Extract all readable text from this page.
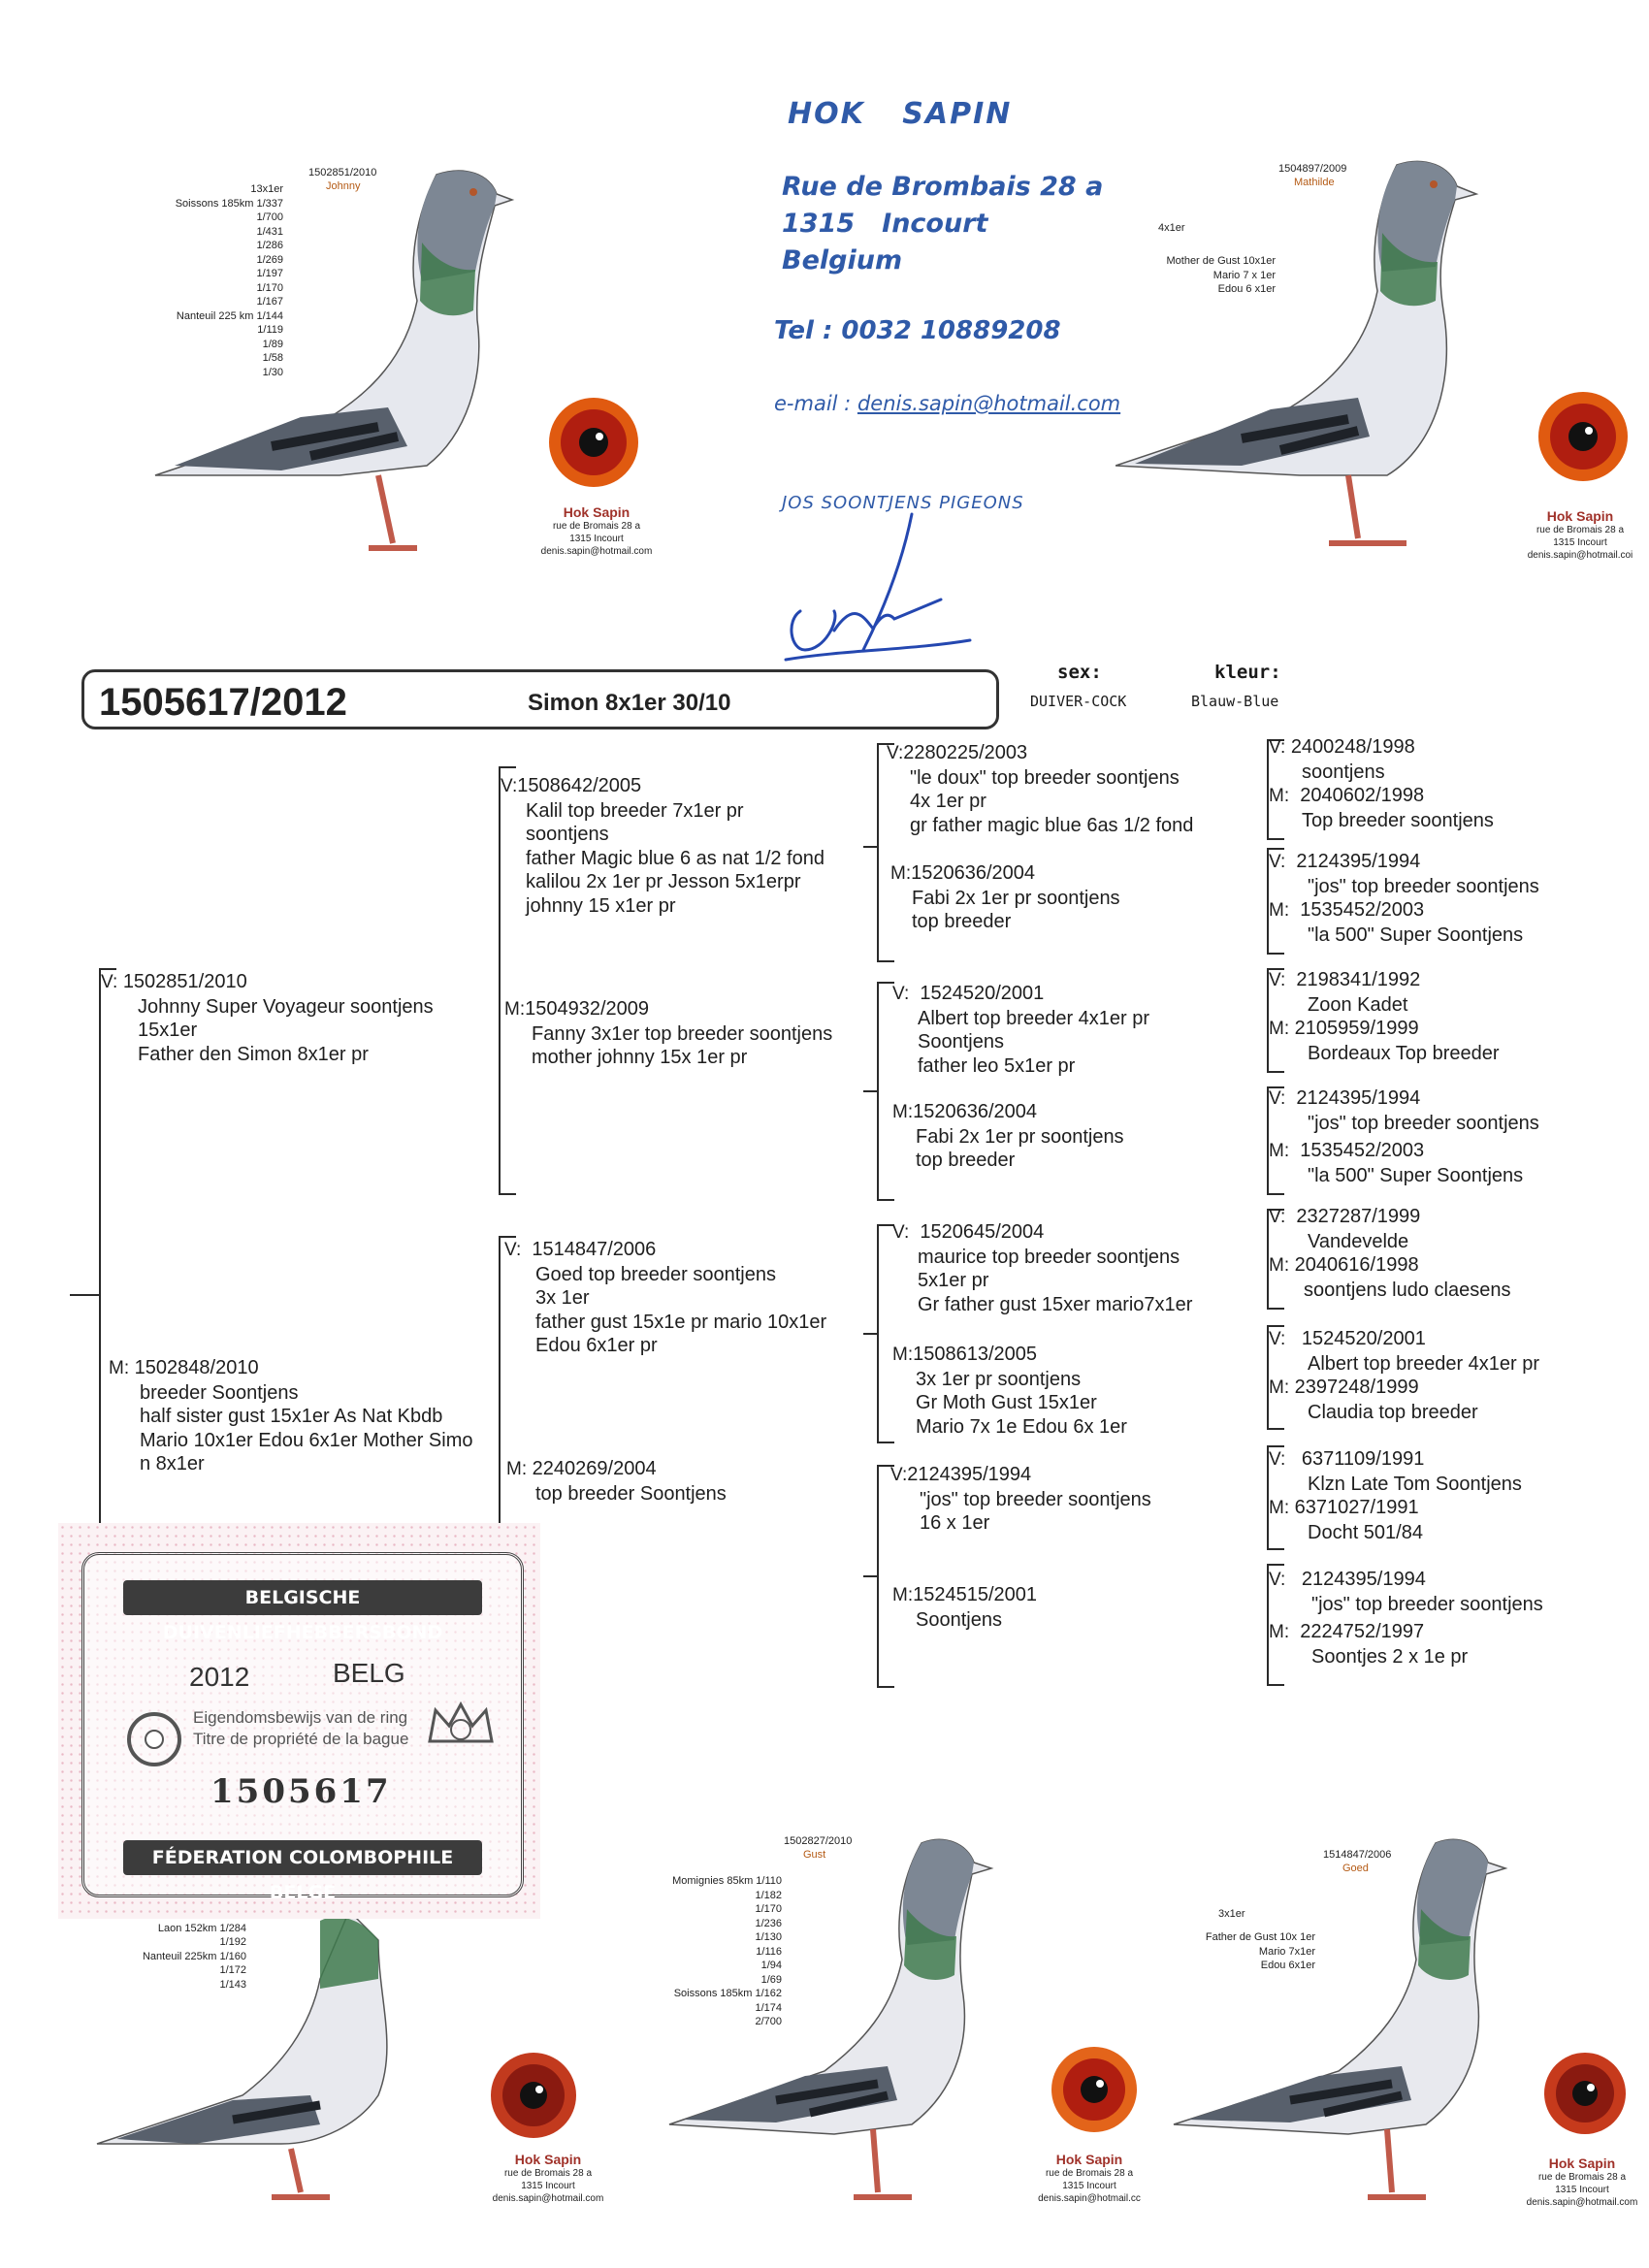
HOK SAPIN
Rue de Brombais 28 a
1315 Incourt
Belgium
Tel : 0032 10889208
e-mail : denis.sapin@hotmail.com
JOS SOONTJENS PIGEONS
1502851/2010
Johnny
13x1er
Soissons 185km 1/337
1/700
1/431
1/286
1/269
1/197
1/170
1/167
Nanteuil 225 km 1/144
1/119
1/89
1/58
1/30
Hok Sapin
rue de Bromais 28 a
1315 Incourt
denis.sapin@hotmail.com
1504897/2009
Mathilde
4x1er
Mother de Gust 10x1er
Mario 7 x 1er
Edou 6 x1er
Hok Sapin
rue de Bromais 28 a
1315 Incourt
denis.sapin@hotmail.coi
1505617/2012	Simon 8x1er 30/10
sex:	kleur:
DUIVER-COCK	Blauw-Blue
V: 1502851/2010
Johnny Super Voyageur soontjens
15x1er
Father den Simon 8x1er pr
M: 1502848/2010
breeder Soontjens
half sister gust 15x1er As Nat Kbdb
Mario 10x1er Edou 6x1er Mother Simo
n 8x1er
V:1508642/2005
Kalil top breeder 7x1er pr
soontjens
father Magic blue 6 as nat 1/2 fond
kalilou 2x 1er pr Jesson 5x1erpr
johnny 15 x1er pr
M:1504932/2009
Fanny 3x1er top breeder soontjens
mother johnny 15x 1er pr
V: 1514847/2006
Goed top breeder soontjens
3x 1er
father gust 15x1e pr mario 10x1er
Edou 6x1er pr
M: 2240269/2004
top breeder Soontjens
V:2280225/2003
"le doux" top breeder soontjens
4x 1er pr
gr father magic blue 6as 1/2 fond
M:1520636/2004
Fabi 2x 1er pr soontjens
top breeder
V: 1524520/2001
Albert top breeder 4x1er pr
Soontjens
father leo 5x1er pr
M:1520636/2004
Fabi 2x 1er pr soontjens
top breeder
V: 1520645/2004
maurice top breeder soontjens
5x1er pr
Gr father gust 15xer mario7x1er
M:1508613/2005
3x 1er pr soontjens
Gr Moth Gust 15x1er
Mario 7x 1e Edou 6x 1er
V:2124395/1994
"jos" top breeder soontjens
16 x 1er
M:1524515/2001
Soontjens
V: 2400248/1998
soontjens
M: 2040602/1998
Top breeder soontjens
V: 2124395/1994
"jos" top breeder soontjens
M: 1535452/2003
"la 500" Super Soontjens
V: 2198341/1992
Zoon Kadet
M: 2105959/1999
Bordeaux Top breeder
V: 2124395/1994
"jos" top breeder soontjens
M: 1535452/2003
"la 500" Super Soontjens
V: 2327287/1999
Vandevelde
M: 2040616/1998
soontjens ludo claesens
V: 1524520/2001
Albert top breeder 4x1er pr
M: 2397248/1999
Claudia top breeder
V: 6371109/1991
Klzn Late Tom Soontjens
M: 6371027/1991
Docht 501/84
V: 2124395/1994
"jos" top breeder soontjens
M: 2224752/1997
Soontjes 2 x 1e pr
Laon 152km 1/284
1/192
Nanteuil 225km 1/160
1/172
1/143
Hok Sapin
rue de Bromais 28 a
1315 Incourt
denis.sapin@hotmail.com
1502827/2010
Gust
Momignies 85km 1/110
1/182
1/170
1/236
1/130
1/116
1/94
1/69
Soissons 185km 1/162
1/174
2/700
Hok Sapin
rue de Bromais 28 a
1315 Incourt
denis.sapin@hotmail.cc
1514847/2006
Goed
3x1er
Father de Gust 10x 1er
Mario 7x1er
Edou 6x1er
Hok Sapin
rue de Bromais 28 a
1315 Incourt
denis.sapin@hotmail.com
BELGISCHE DUIVENLIEFHEBBERSBOND
2012	BELG
Eigendomsbewijs van de ring
Titre de propriété de la bague
1505617
FÉDERATION COLOMBOPHILE BELGE
